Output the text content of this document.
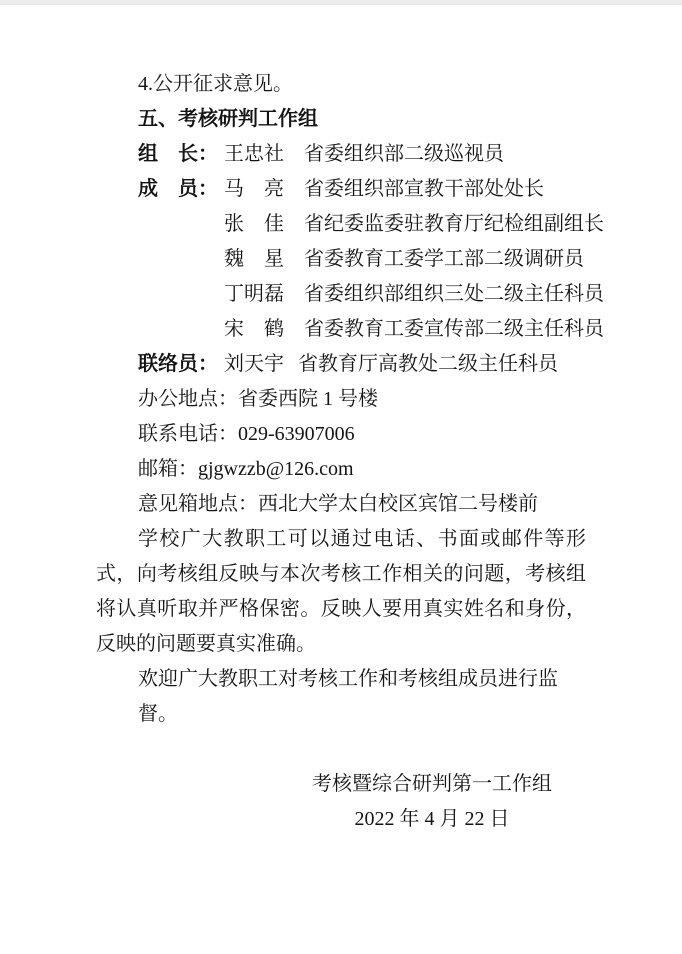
4.公开征求意见。
五、考核研判工作组
组　长： 王忠社	省委组织部二级巡视员
成　员： 马　亮	省委组织部宣教干部处处长
张　佳	省纪委监委驻教育厅纪检组副组长
魏　星	省委教育工委学工部二级调研员
丁明磊	省委组织部组织三处二级主任科员
宋　鹤	省委教育工委宣传部二级主任科员
联络员： 刘天宇 省教育厅高教处二级主任科员
办公地点：省委西院 1 号楼
联系电话：029-63907006
邮箱：gjgwzzb@126.com
意见箱地点：西北大学太白校区宾馆二号楼前
学校广大教职工可以通过电话、书面或邮件等形式，向考核组反映与本次考核工作相关的问题，考核组将认真听取并严格保密。反映人要用真实姓名和身份，反映的问题要真实准确。
欢迎广大教职工对考核工作和考核组成员进行监督。
考核暨综合研判第一工作组
2022 年 4 月 22 日
